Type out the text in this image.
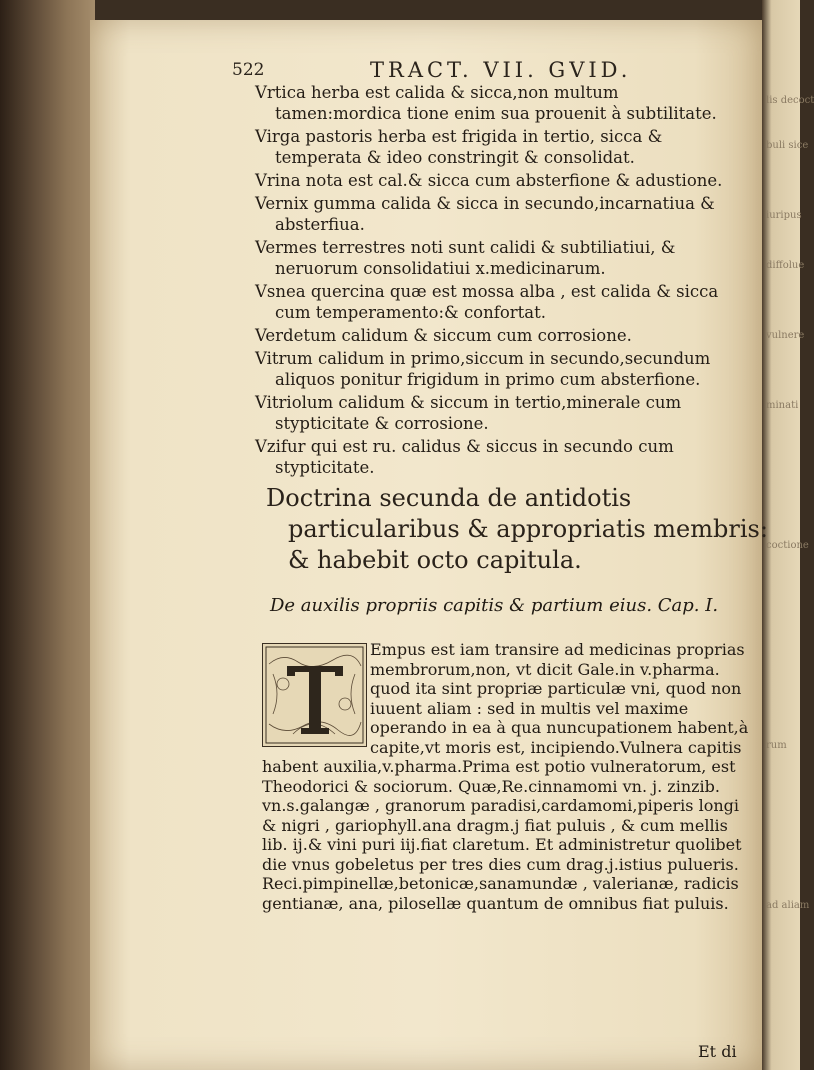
lis decoct
buli sice
iuripus
diffolue
vulnere
minati
coctione
rum
ad aliam
522	TRACT. VII. GVID.

Vrtica herba est calida & sicca,non multum tamen:mordica tione enim sua prouenit à subtilitate.

Virga pastoris herba est frigida in tertio, sicca & temperata & ideo constringit & consolidat.

Vrina nota est cal.& sicca cum absterfione & adustione.

Vernix gumma calida & sicca in secundo,incarnatiua & absterfiua.

Vermes terrestres noti sunt calidi & subtiliatiui, & neruorum consolidatiui x.medicinarum.

Vsnea quercina quæ est mossa alba , est calida & sicca cum temperamento:& confortat.

Verdetum calidum & siccum cum corrosione.

Vitrum calidum in primo,siccum in secundo,secundum aliquos ponitur frigidum in primo cum absterfione.

Vitriolum calidum & siccum in tertio,minerale cum stypticitate & corrosione.

Vzifur qui est ru. calidus & siccus in secundo cum stypticitate.

Doctrina secunda de antidotis particularibus & appropriatis membris: & habebit octo capitula.
De auxilis propriis capitis & partium eius. Cap. I.
Empus est iam transire ad medicinas proprias membrorum,non, vt dicit Gale.in v.pharma. quod ita sint propriæ particulæ vni, quod non iuuent aliam : sed in multis vel maxime operando in ea à qua nuncupationem habent,à capite,vt moris est, incipiendo.Vulnera capitis habent auxilia,v.pharma.Prima est potio vulneratorum, est Theodorici & sociorum. Quæ,Re.cinnamomi vn. j. zinzib. vn.s.galangæ , granorum paradisi,cardamomi,piperis longi & nigri , gariophyll.ana dragm.j fiat puluis , & cum mellis lib. ij.& vini puri iij.fiat claretum. Et administretur quolibet die vnus gobeletus per tres dies cum drag.j.istius pulueris. Reci.pimpinellæ,betonicæ,sanamundæ , valerianæ, radicis gentianæ, ana, pilosellæ quantum de omnibus fiat puluis.
Et di
